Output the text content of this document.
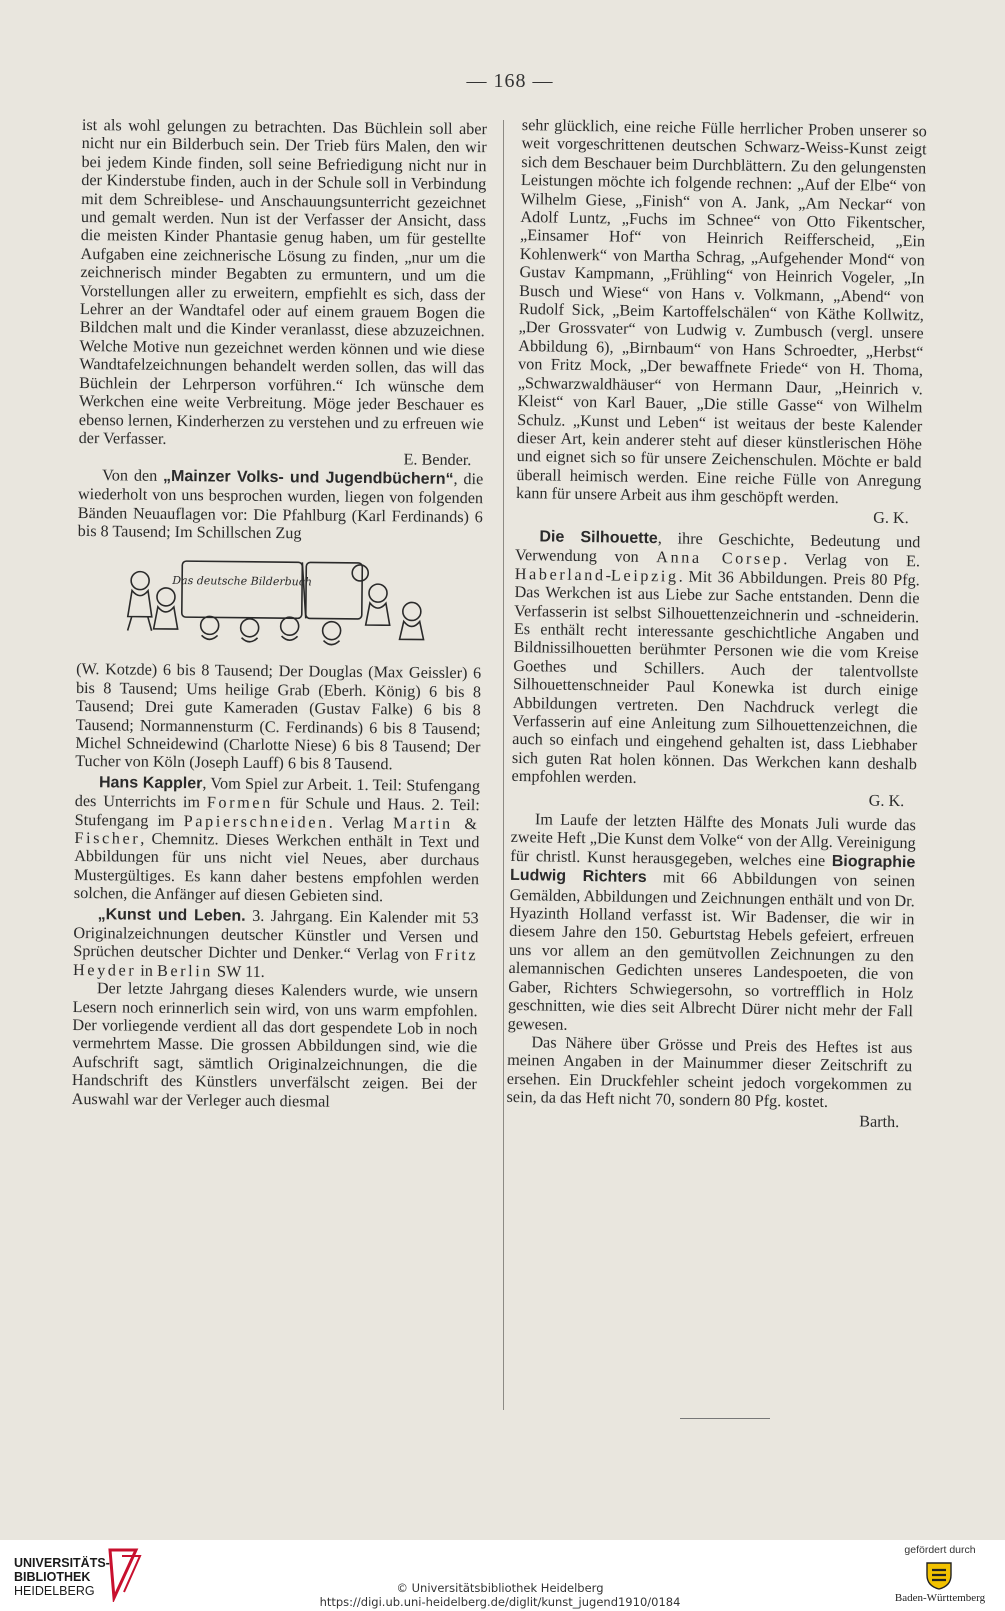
— 168 —

ist als wohl gelungen zu betrachten. Das Büchlein soll aber nicht nur ein Bilderbuch sein. Der Trieb fürs Malen, den wir bei jedem Kinde finden, soll seine Befriedigung nicht nur in der Kinderstube finden, auch in der Schule soll in Verbindung mit dem Schreiblese- und Anschauungsunterricht gezeichnet und gemalt werden. Nun ist der Verfasser der Ansicht, dass die meisten Kinder Phantasie genug haben, um für gestellte Aufgaben eine zeichnerische Lösung zu finden, „nur um die zeichnerisch minder Begabten zu ermuntern, und um die Vorstellungen aller zu erweitern, empfiehlt es sich, dass der Lehrer an der Wandtafel oder auf einem grauem Bogen die Bildchen malt und die Kinder veranlasst, diese abzuzeichnen. Welche Motive nun gezeichnet werden können und wie diese Wandtafelzeichnungen behandelt werden sollen, das will das Büchlein der Lehrperson vorführen.“ Ich wünsche dem Werkchen eine weite Verbreitung. Möge jeder Beschauer es ebenso lernen, Kinderherzen zu verstehen und zu erfreuen wie der Verfasser.

E. Bender.

Von den „Mainzer Volks- und Jugendbüchern“, die wiederholt von uns besprochen wurden, liegen von folgenden Bänden Neuauflagen vor: Die Pfahlburg (Karl Ferdinands) 6 bis 8 Tausend; Im Schillschen Zug

Das deutsche Bilderbuch

(W. Kotzde) 6 bis 8 Tausend; Der Douglas (Max Geissler) 6 bis 8 Tausend; Ums heilige Grab (Eberh. König) 6 bis 8 Tausend; Drei gute Kameraden (Gustav Falke) 6 bis 8 Tausend; Normannensturm (C. Ferdinands) 6 bis 8 Tausend; Michel Schneidewind (Charlotte Niese) 6 bis 8 Tausend; Der Tucher von Köln (Joseph Lauff) 6 bis 8 Tausend.

Hans Kappler, Vom Spiel zur Arbeit. 1. Teil: Stufengang des Unterrichts im Formen für Schule und Haus. 2. Teil: Stufengang im Papierschneiden. Verlag Martin & Fischer, Chemnitz. Dieses Werkchen enthält in Text und Abbildungen für uns nicht viel Neues, aber durchaus Mustergültiges. Es kann daher bestens empfohlen werden solchen, die Anfänger auf diesen Gebieten sind.

„Kunst und Leben. 3. Jahrgang. Ein Kalender mit 53 Originalzeichnungen deutscher Künstler und Versen und Sprüchen deutscher Dichter und Denker.“ Verlag von Fritz Heyder in Berlin SW 11.

Der letzte Jahrgang dieses Kalenders wurde, wie unsern Lesern noch erinnerlich sein wird, von uns warm empfohlen. Der vorliegende verdient all das dort gespendete Lob in noch vermehrtem Masse. Die grossen Abbildungen sind, wie die Aufschrift sagt, sämtlich Originalzeichnungen, die die Handschrift des Künstlers unverfälscht zeigen. Bei der Auswahl war der Verleger auch diesmal

sehr glücklich, eine reiche Fülle herrlicher Proben unserer so weit vorgeschrittenen deutschen Schwarz-Weiss-Kunst zeigt sich dem Beschauer beim Durchblättern. Zu den gelungensten Leistungen möchte ich folgende rechnen: „Auf der Elbe“ von Wilhelm Giese, „Finish“ von A. Jank, „Am Neckar“ von Adolf Luntz, „Fuchs im Schnee“ von Otto Fikentscher, „Einsamer Hof“ von Heinrich Reifferscheid, „Ein Kohlenwerk“ von Martha Schrag, „Aufgehender Mond“ von Gustav Kampmann, „Frühling“ von Heinrich Vogeler, „In Busch und Wiese“ von Hans v. Volkmann, „Abend“ von Rudolf Sick, „Beim Kartoffelschälen“ von Käthe Kollwitz, „Der Grossvater“ von Ludwig v. Zumbusch (vergl. unsere Abbildung 6), „Birnbaum“ von Hans Schroedter, „Herbst“ von Fritz Mock, „Der bewaffnete Friede“ von H. Thoma, „Schwarzwaldhäuser“ von Hermann Daur, „Heinrich v. Kleist“ von Karl Bauer, „Die stille Gasse“ von Wilhelm Schulz. „Kunst und Leben“ ist weitaus der beste Kalender dieser Art, kein anderer steht auf dieser künstlerischen Höhe und eignet sich so für unsere Zeichenschulen. Möchte er bald überall heimisch werden. Eine reiche Fülle von Anregung kann für unsere Arbeit aus ihm geschöpft werden.

G. K.

Die Silhouette, ihre Geschichte, Bedeutung und Verwendung von Anna Corsep. Verlag von E. Haberland-Leipzig. Mit 36 Abbildungen. Preis 80 Pfg. Das Werkchen ist aus Liebe zur Sache entstanden. Denn die Verfasserin ist selbst Silhouettenzeichnerin und -schneiderin. Es enthält recht interessante geschichtliche Angaben und Bildnissilhouetten berühmter Personen wie die vom Kreise Goethes und Schillers. Auch der talentvollste Silhouettenschneider Paul Konewka ist durch einige Abbildungen vertreten. Den Nachdruck verlegt die Verfasserin auf eine Anleitung zum Silhouettenzeichnen, die auch so einfach und eingehend gehalten ist, dass Liebhaber sich guten Rat holen können. Das Werkchen kann deshalb empfohlen werden.

G. K.

Im Laufe der letzten Hälfte des Monats Juli wurde das zweite Heft „Die Kunst dem Volke“ von der Allg. Vereinigung für christl. Kunst herausgegeben, welches eine Biographie Ludwig Richters mit 66 Abbildungen von seinen Gemälden, Abbildungen und Zeichnungen enthält und von Dr. Hyazinth Holland verfasst ist. Wir Badenser, die wir in diesem Jahre den 150. Geburtstag Hebels gefeiert, erfreuen uns vor allem an den gemütvollen Zeichnungen zu den alemannischen Gedichten unseres Landespoeten, die von Gaber, Richters Schwiegersohn, so vortrefflich in Holz geschnitten, wie dies seit Albrecht Dürer nicht mehr der Fall gewesen.

Das Nähere über Grösse und Preis des Heftes ist aus meinen Angaben in der Mainummer dieser Zeitschrift zu ersehen. Ein Druckfehler scheint jedoch vorgekommen zu sein, da das Heft nicht 70, sondern 80 Pfg. kostet.

Barth.

UNIVERSITÄTS-
BIBLIOTHEK
HEIDELBERG	© Universitätsbibliothek Heidelberg
https://digi.ub.uni-heidelberg.de/diglit/kunst_jugend1910/0184
gefördert durch
Baden-Württemberg
